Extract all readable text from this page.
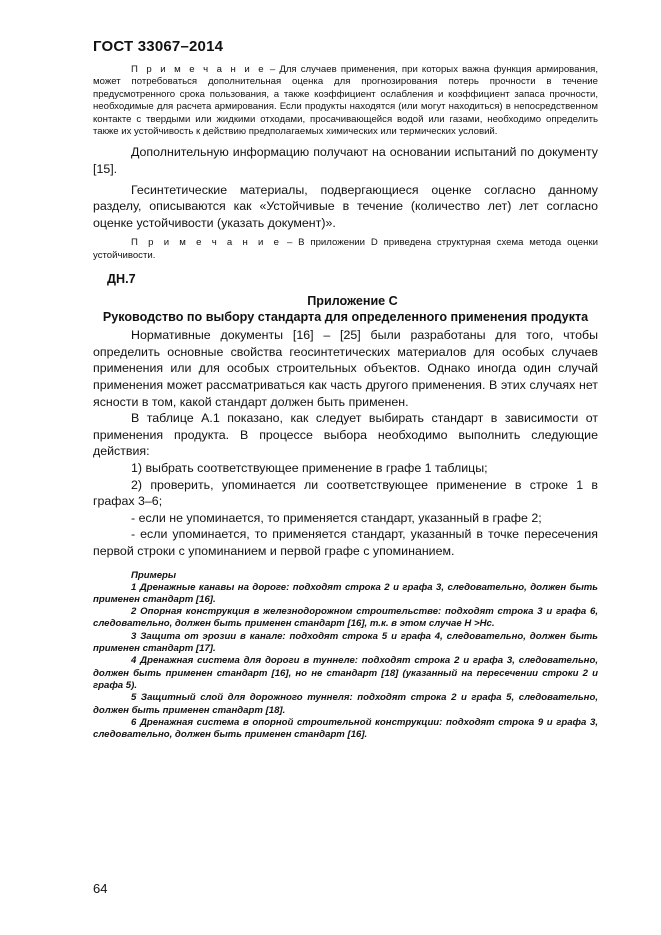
ГОСТ 33067–2014

П р и м е ч а н и е – Для случаев применения, при которых важна функция армирования, может потребоваться дополнительная оценка для прогнозирования потерь прочности в течение предусмотренного срока пользования, а также коэффициент ослабления и коэффициент запаса прочности, необходимые для расчета армирования. Если продукты находятся (или могут находиться) в непосредственном контакте с твердыми или жидкими отходами, просачивающейся водой или газами, необходимо определить также их устойчивость к действию предполагаемых химических или термических условий.

Дополнительную информацию получают на основании испытаний по документу [15].

Гесинтетические материалы, подвергающиеся оценке согласно данному разделу, описываются как «Устойчивые в течение (количество лет) лет согласно оценке устойчивости (указать документ)».

П р и м е ч а н и е – В приложении D приведена структурная схема метода оценки устойчивости.

ДН.7

Приложение С

Руководство по выбору стандарта для определенного применения продукта

Нормативные документы [16] – [25] были разработаны для того, чтобы определить основные свойства геосинтетических материалов для особых случаев применения или для особых строительных объектов. Однако иногда один случай применения может рассматриваться как часть другого применения. В этих случаях нет ясности в том, какой стандарт должен быть применен.

В таблице А.1 показано, как следует выбирать стандарт в зависимости от применения продукта. В процессе выбора необходимо выполнить следующие действия:

1) выбрать соответствующее применение в графе 1 таблицы;

2) проверить, упоминается ли соответствующее применение в строке 1 в графах 3–6;

- если не упоминается, то применяется стандарт, указанный в графе 2;

- если упоминается, то применяется стандарт, указанный в точке пересечения первой строки с упоминанием и первой графе с упоминанием.

Примеры

1 Дренажные канавы на дороге: подходят строка 2 и графа 3, следовательно, должен быть применен стандарт [16].

2 Опорная конструкция в железнодорожном строительстве: подходят строка 3 и графа 6, следовательно, должен быть применен стандарт [16], т.к. в этом случае H >Hc.

3 Защита от эрозии в канале: подходят строка 5 и графа 4, следовательно, должен быть применен стандарт [17].

4 Дренажная система для дороги в туннеле: подходят строка 2 и графа 3, следовательно, должен быть применен стандарт [16], но не стандарт [18] (указанный на пересечении строки 2 и графа 5).

5 Защитный слой для дорожного туннеля: подходят строка 2 и графа 5, следовательно, должен быть применен стандарт [18].

6 Дренажная система в опорной строительной конструкции: подходят строка 9 и графа 3, следовательно, должен быть применен стандарт [16].

64
